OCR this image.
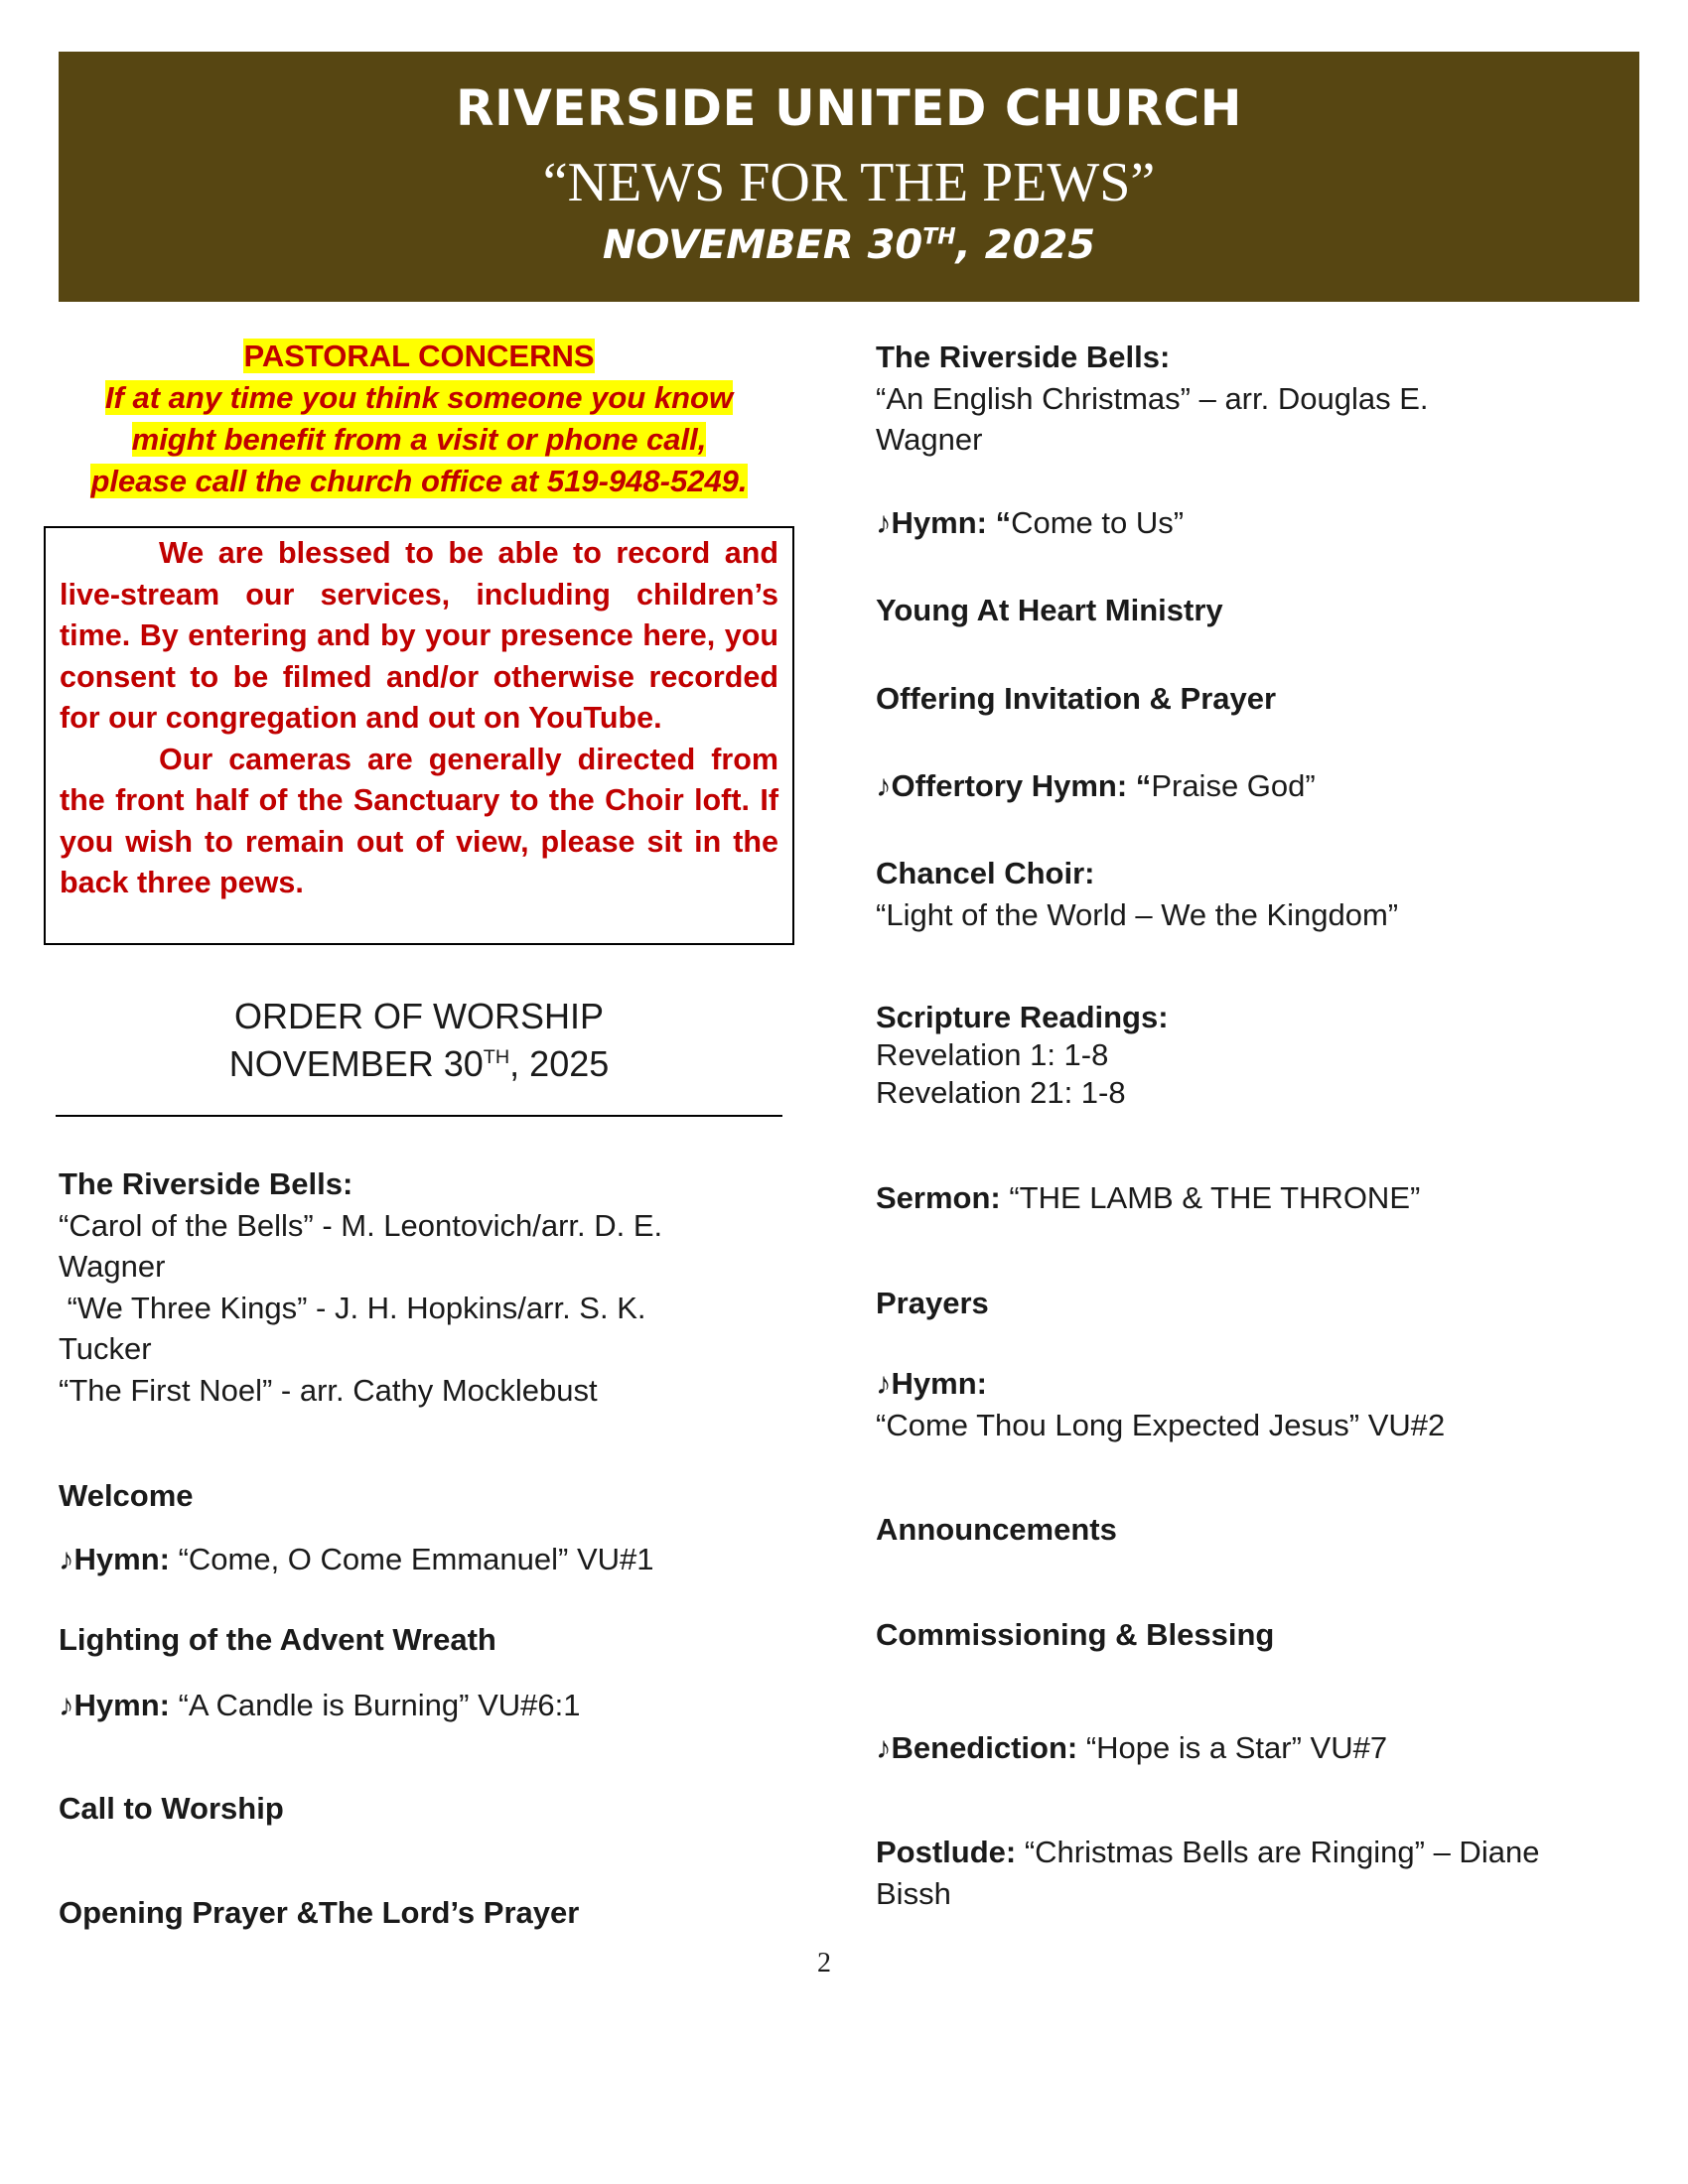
RIVERSIDE UNITED CHURCH
“NEWS FOR THE PEWS”
NOVEMBER 30TH, 2025
PASTORAL CONCERNS
If at any time you think someone you know
might benefit from a visit or phone call,
please call the church office at 519-948-5249.

We are blessed to be able to record and live-stream our services, including children’s time. By entering and by your presence here, you consent to be filmed and/or otherwise recorded for our congregation and out on YouTube.

Our cameras are generally directed from the front half of the Sanctuary to the Choir loft. If you wish to remain out of view, please sit in the back three pews.

ORDER OF WORSHIP
NOVEMBER 30TH, 2025
The Riverside Bells:
“Carol of the Bells” - M. Leontovich/arr. D. E.
Wagner
“We Three Kings” - J. H. Hopkins/arr. S. K.
Tucker
“The First Noel” - arr. Cathy Mocklebust
Welcome
♪Hymn: “Come, O Come Emmanuel” VU#1
Lighting of the Advent Wreath
♪Hymn: “A Candle is Burning” VU#6:1
Call to Worship
Opening Prayer &The Lord’s Prayer
The Riverside Bells:
“An English Christmas” – arr. Douglas E.
Wagner
♪Hymn: “Come to Us”
Young At Heart Ministry
Offering Invitation & Prayer
♪Offertory Hymn: “Praise God”
Chancel Choir:
“Light of the World – We the Kingdom”
Scripture Readings:
Revelation 1: 1-8
Revelation 21: 1-8
Sermon: “THE LAMB & THE THRONE”
Prayers
♪Hymn:
“Come Thou Long Expected Jesus” VU#2
Announcements
Commissioning & Blessing
♪Benediction: “Hope is a Star” VU#7
Postlude: “Christmas Bells are Ringing” – Diane
Bissh
2
